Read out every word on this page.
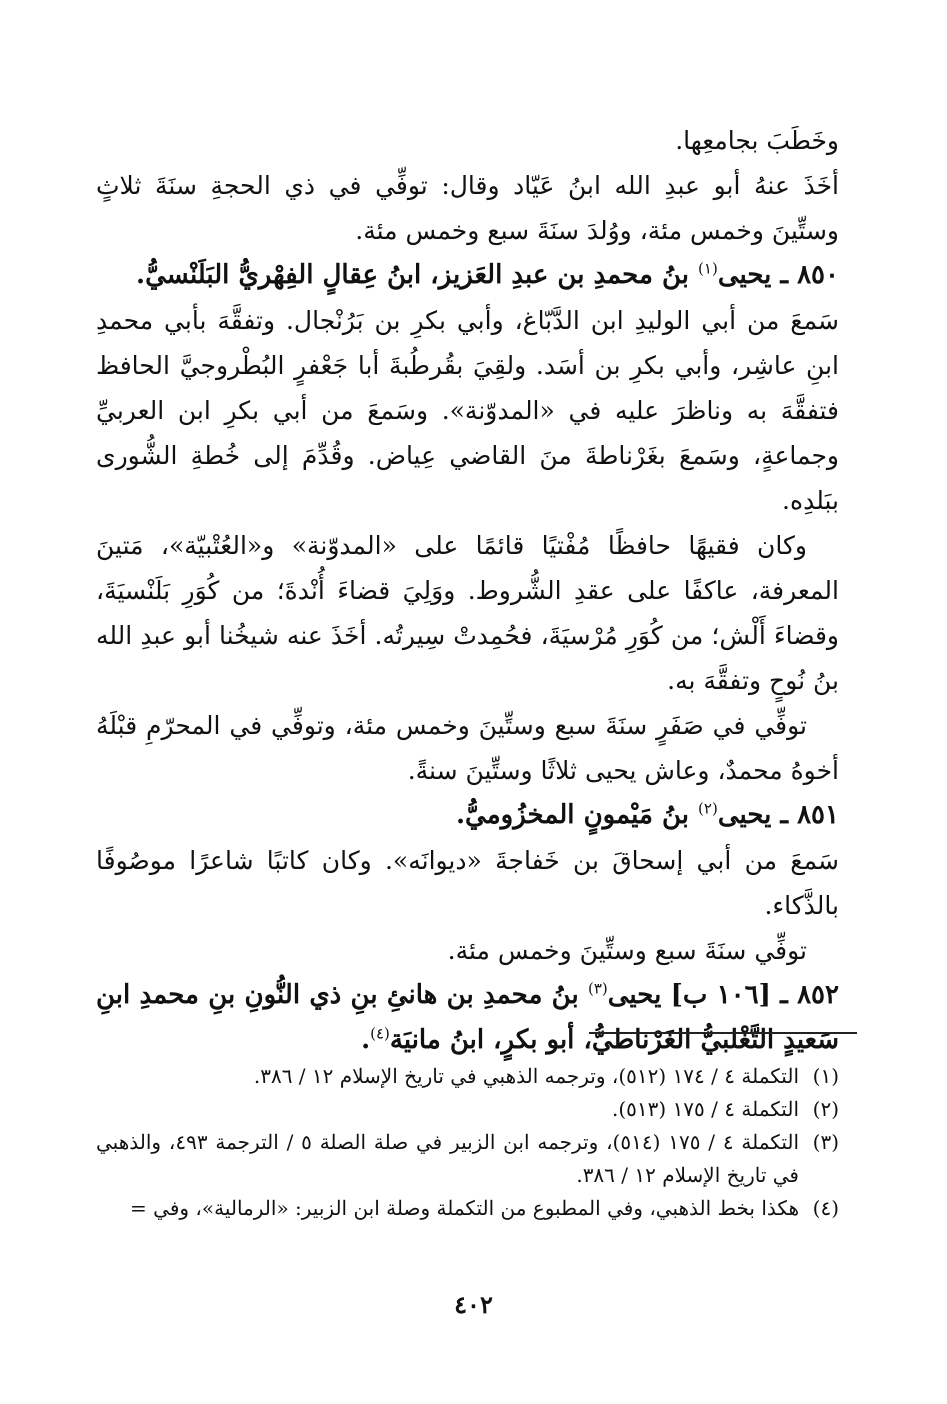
وخَطَبَ بجامعِها.

أخَذَ عنهُ أبو عبدِ الله ابنُ عَيّاد وقال: توفِّي في ذي الحجةِ سنَةَ ثلاثٍ وستِّينَ وخمس مئة، ووُلدَ سنَةَ سبع وخمس مئة.

٨٥٠ ـ يحيى$^{(١)}$ بنُ محمدِ بن عبدِ العَزيز، ابنُ عِقالٍ الفِهْريُّ البَلَنْسيُّ.

سَمعَ من أبي الوليدِ ابن الدَّبّاغ، وأبي بكرِ بن بَرُنْجال. وتفقَّهَ بأبي محمدِ ابنِ عاشِر، وأبي بكرِ بن أسَد. ولقِيَ بقُرطُبةَ أبا جَعْفرٍ البُطْروجيَّ الحافظ فتفقَّهَ به وناظرَ عليه في «المدوّنة». وسَمعَ من أبي بكرِ ابن العربيِّ وجماعةٍ، وسَمعَ بغَرْناطةَ منَ القاضي عِياض. وقُدِّمَ إلى خُطةِ الشُّورى ببَلدِه.

وكان فقيهًا حافظًا مُفْتيًا قائمًا على «المدوّنة» و«العُتْبيّة»، مَتينَ المعرفة، عاكفًا على عقدِ الشُّروط. ووَلِيَ قضاءَ أُنْدةَ؛ من كُوَرِ بَلَنْسيَةَ، وقضاءَ أَلْش؛ من كُوَرِ مُرْسيَةَ، فحُمِدتْ سِيرتُه. أخَذَ عنه شيخُنا أبو عبدِ الله بنُ نُوحٍ وتفقَّهَ به.

توفِّي في صَفَرٍ سنَةَ سبع وستِّينَ وخمس مئة، وتوفِّي في المحرّمِ قبْلَهُ أخوهُ محمدٌ، وعاش يحيى ثلاثًا وستِّينَ سنةً.

٨٥١ ـ يحيى$^{(٢)}$ بنُ مَيْمونٍ المخزُوميُّ.

سَمعَ من أبي إسحاقَ بن خَفاجةَ «ديوانَه». وكان كاتبًا شاعرًا موصُوفًا بالذَّكاء.

توفِّي سنَةَ سبع وستِّينَ وخمس مئة.

٨٥٢ ـ [١٠٦ ب] يحيى$^{(٣)}$ بنُ محمدِ بن هانئِ بنِ ذي النُّونِ بنِ محمدِ ابنِ سَعيدٍ التَّغْلبيُّ الغَرْناطيُّ، أبو بكرٍ، ابنُ مانيَة$^{(٤)}$.

(١)
التكملة ٤ / ١٧٤ (٥١٢)، وترجمه الذهبي في تاريخ الإسلام ١٢ / ٣٨٦.
(٢)
التكملة ٤ / ١٧٥ (٥١٣).
(٣)
التكملة ٤ / ١٧٥ (٥١٤)، وترجمه ابن الزبير في صلة الصلة ٥ / الترجمة ٤٩٣، والذهبي في تاريخ الإسلام ١٢ / ٣٨٦.
(٤)
هكذا بخط الذهبي، وفي المطبوع من التكملة وصلة ابن الزبير: «الرمالية»، وفي =
٤٠٢
